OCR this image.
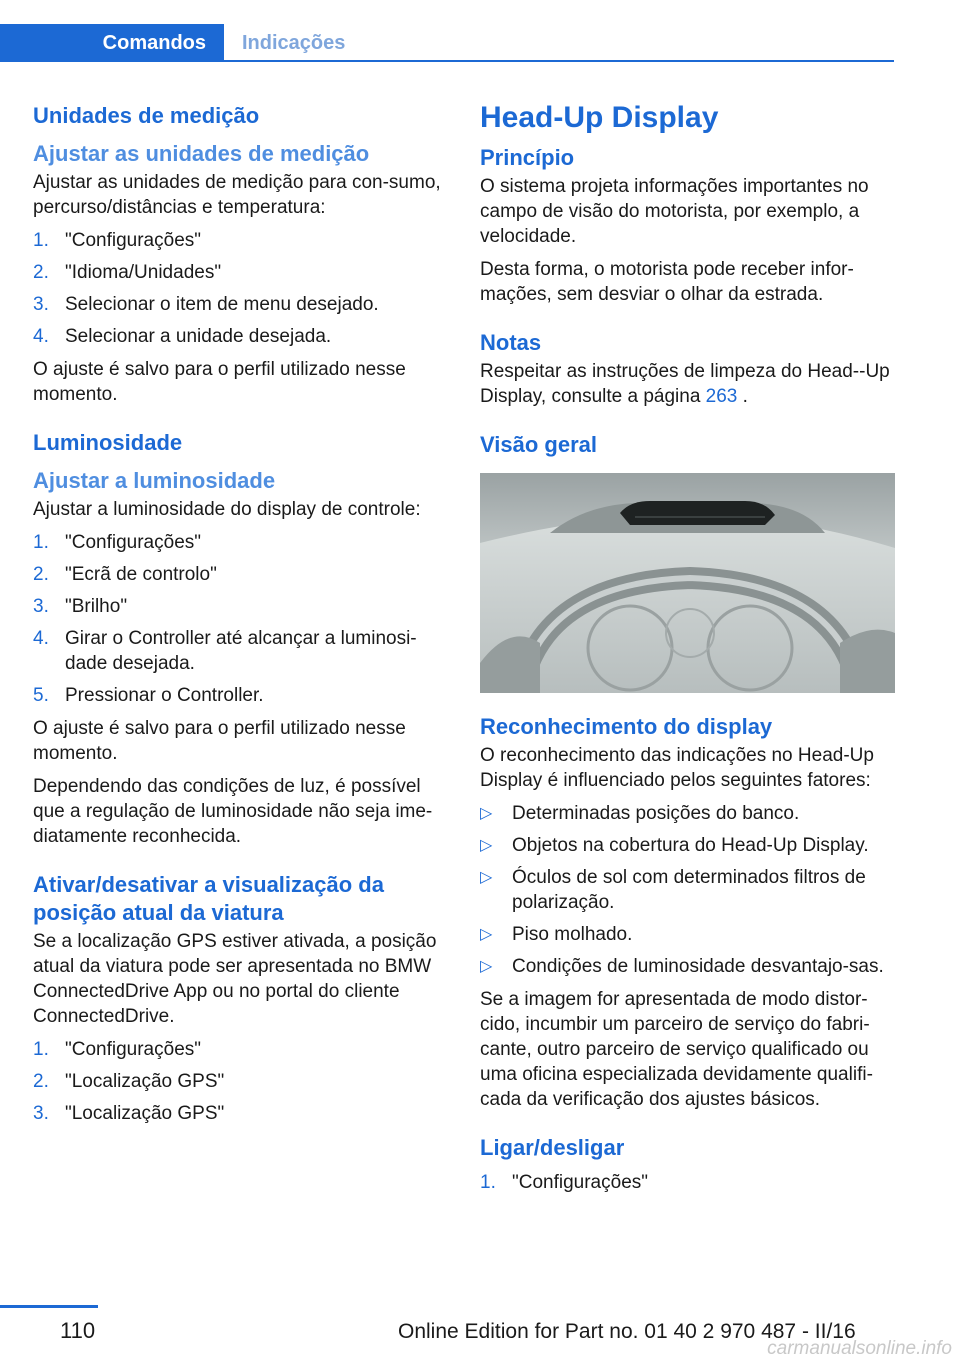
Comandos	Indicações
Unidades de medição
Ajustar as unidades de medição

Ajustar as unidades de medição para con-sumo, percurso/distâncias e temperatura:

1. "Configurações"
2. "Idioma/Unidades"
3. Selecionar o item de menu desejado.
4. Selecionar a unidade desejada.

O ajuste é salvo para o perfil utilizado nesse momento.

Luminosidade
Ajustar a luminosidade

Ajustar a luminosidade do display de controle:

1. "Configurações"
2. "Ecrã de controlo"
3. "Brilho"
4. Girar o Controller até alcançar a luminosi-dade desejada.
5. Pressionar o Controller.

O ajuste é salvo para o perfil utilizado nesse momento.

Dependendo das condições de luz, é possível que a regulação de luminosidade não seja ime-diatamente reconhecida.

Ativar/desativar a visualização da posição atual da viatura

Se a localização GPS estiver ativada, a posição atual da viatura pode ser apresentada no BMW ConnectedDrive App ou no portal do cliente ConnectedDrive.

1. "Configurações"
2. "Localização GPS"
3. "Localização GPS"
Head-Up Display
Princípio

O sistema projeta informações importantes no campo de visão do motorista, por exemplo, a velocidade.

Desta forma, o motorista pode receber infor-mações, sem desviar o olhar da estrada.

Notas

Respeitar as instruções de limpeza do Head--Up Display, consulte a página 263 .

Visão geral
Reconhecimento do display

O reconhecimento das indicações no Head-Up Display é influenciado pelos seguintes fatores:

▷	Determinadas posições do banco.
▷	Objetos na cobertura do Head-Up Display.
▷	Óculos de sol com determinados filtros de polarização.
▷	Piso molhado.
▷	Condições de luminosidade desvantajo-sas.

Se a imagem for apresentada de modo distor-cido, incumbir um parceiro de serviço do fabri-cante, outro parceiro de serviço qualificado ou uma oficina especializada devidamente qualifi-cada da verificação dos ajustes básicos.

Ligar/desligar
1. "Configurações"
110	Online Edition for Part no. 01 40 2 970 487 - II/16
carmanualsonline.info
